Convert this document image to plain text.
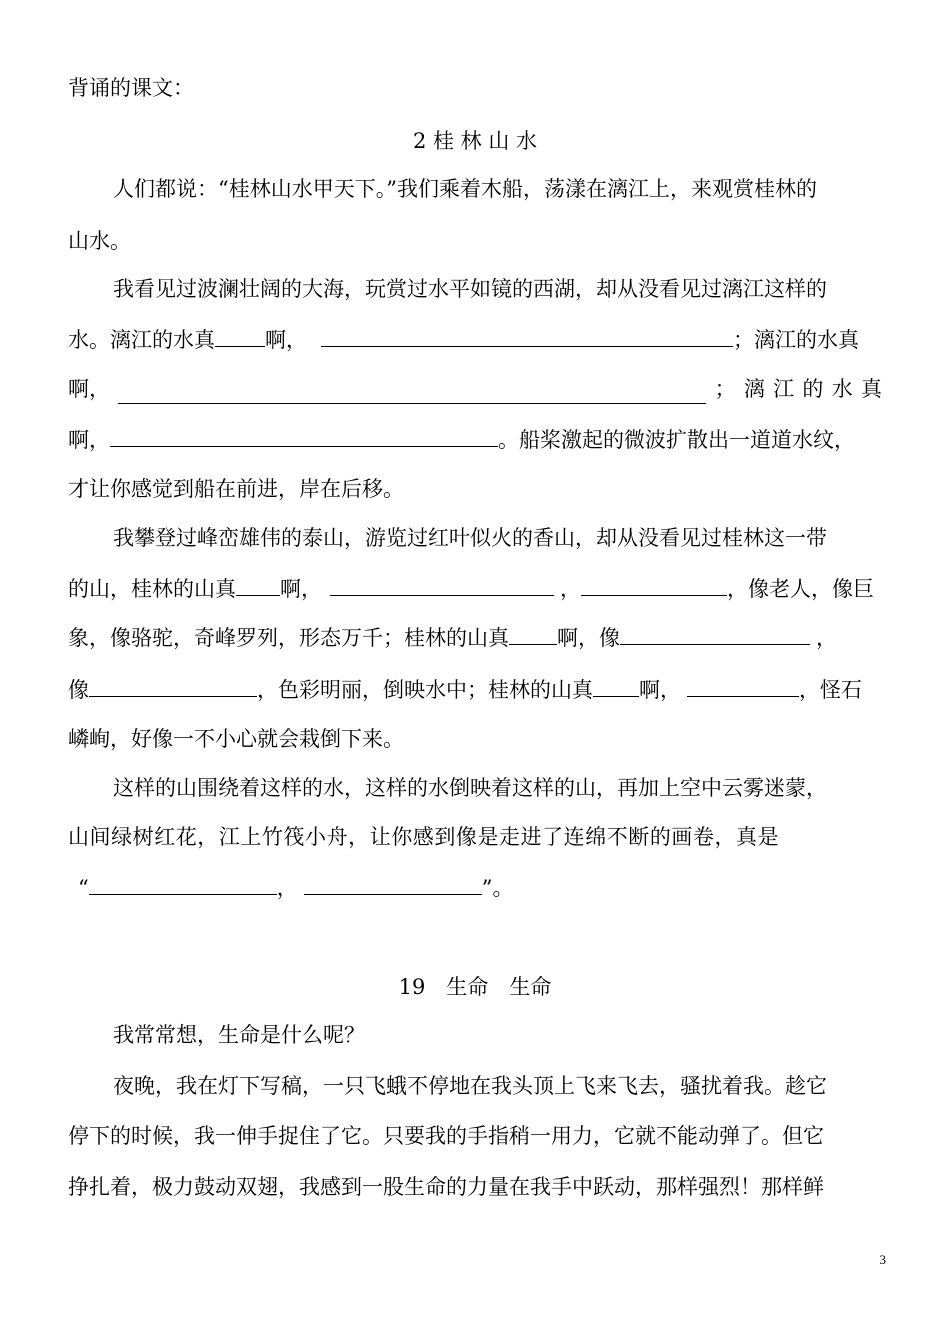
背诵的课文：
2 桂 林 山 水
人们都说：“桂林山水甲天下。”我们乘着木船，荡漾在漓江上，来观赏桂林的
山水。
我看见过波澜壮阔的大海，玩赏过水平如镜的西湖，却从没看见过漓江这样的
水。漓江的水真 啊，	；漓江的水真
啊，	； 漓 江 的 水 真
啊，	。船桨激起的微波扩散出一道道水纹，
才让你感觉到船在前进，岸在后移。
我攀登过峰峦雄伟的泰山，游览过红叶似火的香山，却从没看见过桂林这一带
的山，桂林的山真 啊，	，	，像老人，像巨
象，像骆驼，奇峰罗列，形态万千；桂林的山真 啊，像	，
像	，色彩明丽，倒映水中；桂林的山真 啊，	，怪石
嶙峋，好像一不小心就会栽倒下来。
这样的山围绕着这样的水，这样的水倒映着这样的山，再加上空中云雾迷蒙，
山间绿树红花，江上竹筏小舟，让你感到像是走进了连绵不断的画卷，真是
“	，	”。
19　生命　生命
我常常想，生命是什么呢？
夜晚，我在灯下写稿，一只飞蛾不停地在我头顶上飞来飞去，骚扰着我。趁它
停下的时候，我一伸手捉住了它。只要我的手指稍一用力，它就不能动弹了。但它
挣扎着，极力鼓动双翅，我感到一股生命的力量在我手中跃动，那样强烈！那样鲜
3
